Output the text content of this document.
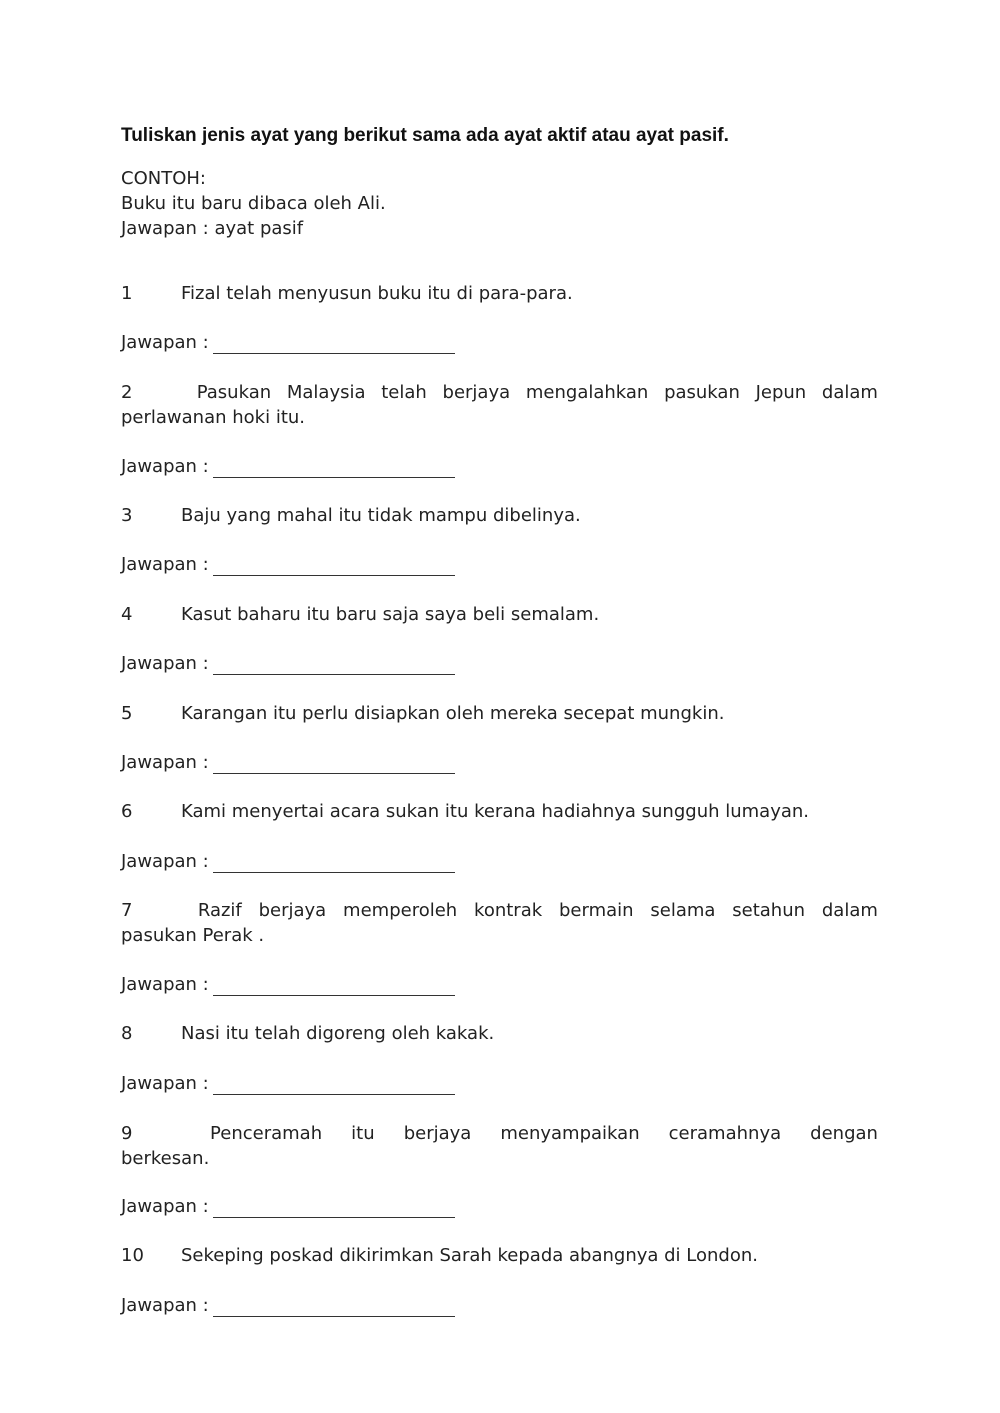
Tuliskan jenis ayat yang berikut sama ada ayat aktif atau ayat pasif.
CONTOH:
Buku itu baru dibaca oleh Ali.
Jawapan : ayat pasif
1	Fizal telah menyusun buku itu di para-para.
Jawapan :
2	Pasukan Malaysia telah berjaya mengalahkan pasukan Jepun dalam
perlawanan hoki itu.
Jawapan :
3	Baju yang mahal itu tidak mampu dibelinya.
Jawapan :
4	Kasut baharu itu baru saja saya beli semalam.
Jawapan :
5	Karangan itu perlu disiapkan oleh mereka secepat mungkin.
Jawapan :
6	Kami menyertai acara sukan itu kerana hadiahnya sungguh lumayan.
Jawapan :
7	Razif berjaya memperoleh kontrak bermain selama setahun dalam
pasukan Perak .
Jawapan :
8	Nasi itu telah digoreng oleh kakak.
Jawapan :
9	Penceramah itu berjaya menyampaikan ceramahnya dengan
berkesan.
Jawapan :
10 Sekeping poskad dikirimkan Sarah kepada abangnya di London.
Jawapan :
